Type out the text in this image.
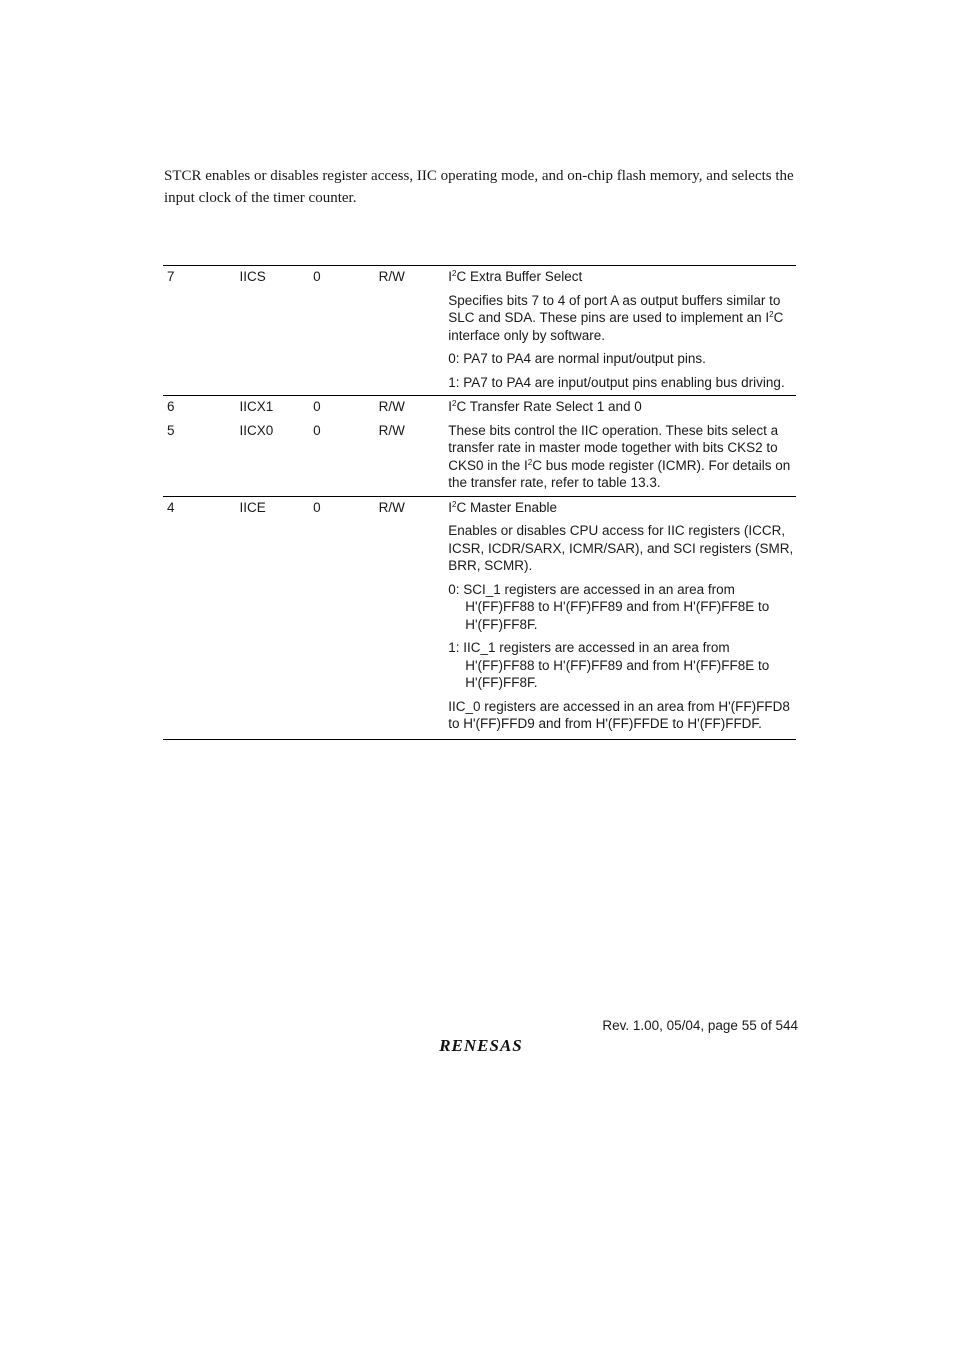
STCR enables or disables register access, IIC operating mode, and on-chip flash memory, and selects the input clock of the timer counter.

7	IICS	0	R/W	$I^2C$ Extra Buffer Select
Specifies bits 7 to 4 of port A as output buffers similar to SLC and SDA. These pins are used to implement an $I^2C$ interface only by software.
0: PA7 to PA4 are normal input/output pins.
1: PA7 to PA4 are input/output pins enabling bus driving.

6	IICX1	0	R/W	$I^2C$ Transfer Rate Select 1 and 0

5	IICX0	0	R/W	These bits control the IIC operation. These bits select a transfer rate in master mode together with bits CKS2 to CKS0 in the $I^2C$ bus mode register (ICMR). For details on the transfer rate, refer to table 13.3.

4	IICE	0	R/W	$I^2C$ Master Enable
Enables or disables CPU access for IIC registers (ICCR, ICSR, ICDR/SARX, ICMR/SAR), and SCI registers (SMR, BRR, SCMR).
0: SCI_1 registers are accessed in an area from H'(FF)FF88 to H'(FF)FF89 and from H'(FF)FF8E to H'(FF)FF8F.
1: IIC_1 registers are accessed in an area from H'(FF)FF88 to H'(FF)FF89 and from H'(FF)FF8E to H'(FF)FF8F.
IIC_0 registers are accessed in an area from H'(FF)FFD8 to H'(FF)FFD9 and from H'(FF)FFDE to H'(FF)FFDF.
Rev. 1.00, 05/04, page 55 of 544
RENESAS
